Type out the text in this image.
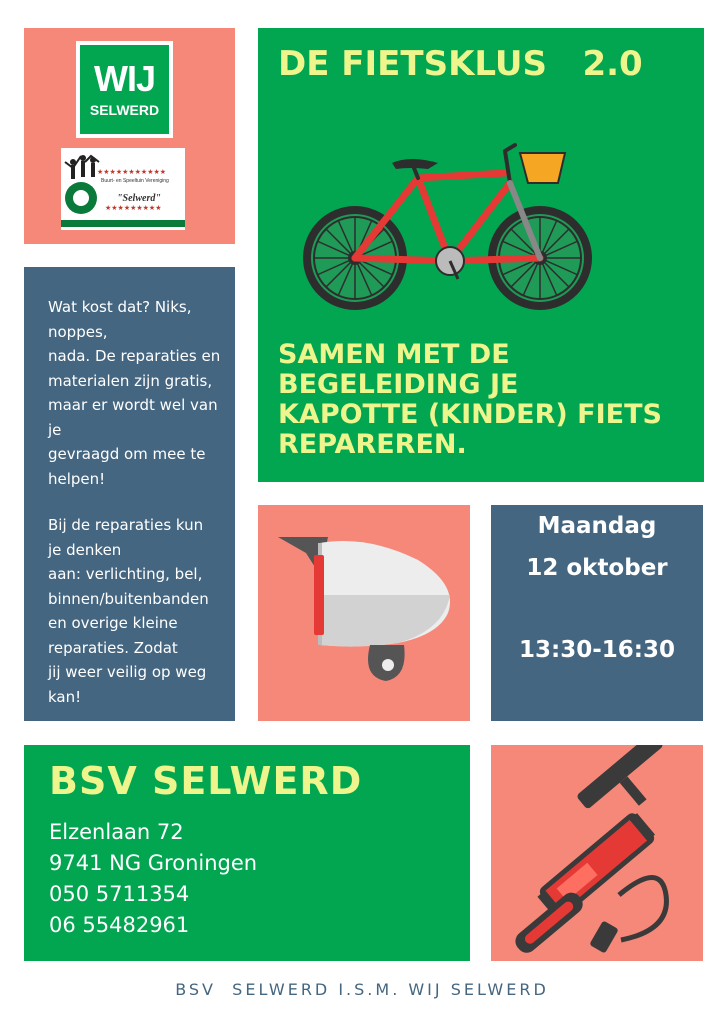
WIJ
SELWERD
★★★★★★★★★★★
★★★★★★★★★
Buurt- en Speeltuin Vereniging
"Selwerd"
DE FIETSKLUS   2.0

SAMEN MET DE
BEGELEIDING JE
KAPOTTE (KINDER) FIETS
REPAREREN.

Wat kost dat? Niks,
noppes,
nada. De reparaties en
materialen zijn gratis,
maar er wordt wel van
je
gevraagd om mee te
helpen!

Bij de reparaties kun
je denken
aan: verlichting, bel,
binnen/buitenbanden
en overige kleine
reparaties. Zodat
jij weer veilig op weg
kan!

Maandag
12 oktober
13:30-16:30
BSV SELWERD
Elzenlaan 72
9741 NG Groningen
050 5711354
06 55482961
BSV  SELWERD I.S.M. WIJ SELWERD
